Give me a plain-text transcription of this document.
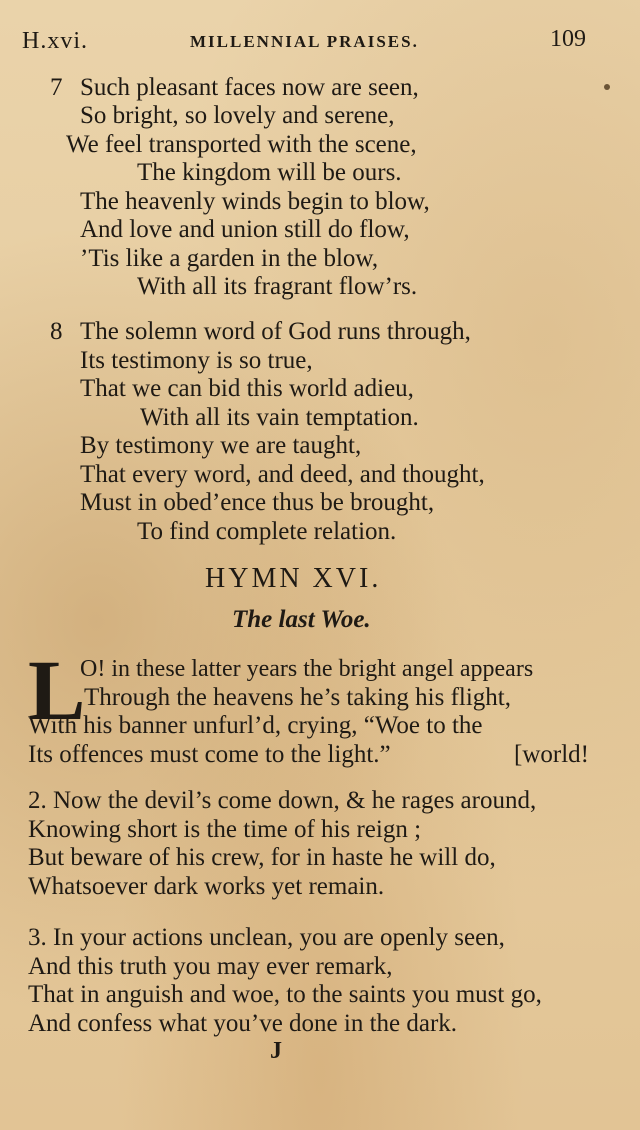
H.xvi.	MILLENNIAL PRAISES.	109
7 Such pleasant faces now are seen,
So bright, so lovely and serene,
We feel transported with the scene,
The kingdom will be ours.
The heavenly winds begin to blow,
And love and union still do flow,
’Tis like a garden in the blow,
With all its fragrant flow’rs.
8 The solemn word of God runs through,
Its testimony is so true,
That we can bid this world adieu,
With all its vain temptation.
By testimony we are taught,
That every word, and deed, and thought,
Must in obed’ence thus be brought,
To find complete relation.
HYMN XVI.
The last Woe.
L
O! in these latter years the bright angel appears
Through the heavens he’s taking his flight,
With his banner unfurl’d, crying, “Woe to the
Its offences must come to the light.”	[world!
2. Now the devil’s come down, & he rages around,
Knowing short is the time of his reign ;
But beware of his crew, for in haste he will do,
Whatsoever dark works yet remain.
3. In your actions unclean, you are openly seen,
And this truth you may ever remark,
That in anguish and woe, to the saints you must go,
And confess what you’ve done in the dark.
J
